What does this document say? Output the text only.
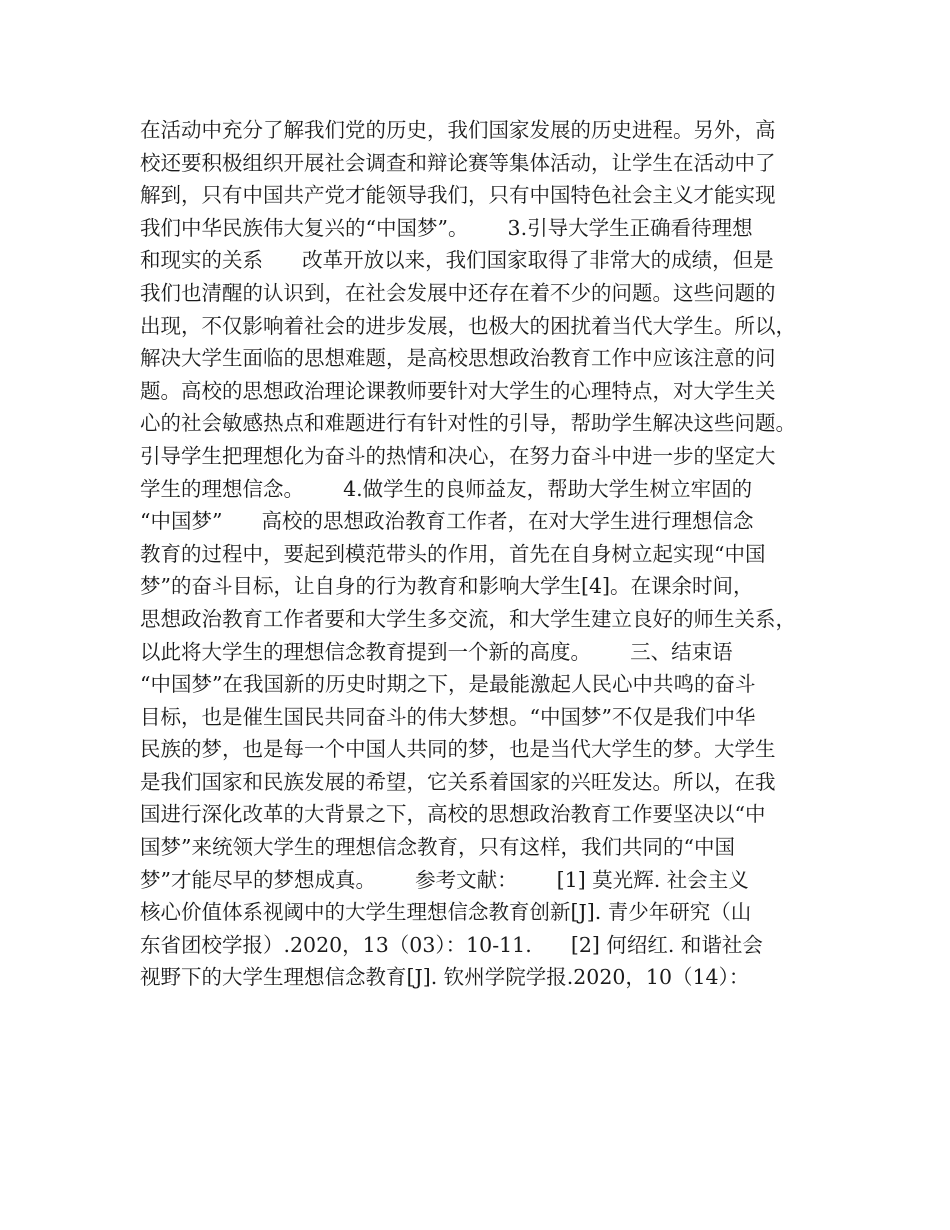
在活动中充分了解我们党的历史，我们国家发展的历史进程。另外，高
校还要积极组织开展社会调查和辩论赛等集体活动，让学生在活动中了
解到，只有中国共产党才能领导我们，只有中国特色社会主义才能实现
我们中华民族伟大复兴的“中国梦”。      3.引导大学生正确看待理想
和现实的关系      改革开放以来，我们国家取得了非常大的成绩，但是
我们也清醒的认识到，在社会发展中还存在着不少的问题。这些问题的
出现，不仅影响着社会的进步发展，也极大的困扰着当代大学生。所以，
解决大学生面临的思想难题，是高校思想政治教育工作中应该注意的问
题。高校的思想政治理论课教师要针对大学生的心理特点，对大学生关
心的社会敏感热点和难题进行有针对性的引导，帮助学生解决这些问题。
引导学生把理想化为奋斗的热情和决心，在努力奋斗中进一步的坚定大
学生的理想信念。      4.做学生的良师益友，帮助大学生树立牢固的
“中国梦”      高校的思想政治教育工作者，在对大学生进行理想信念
教育的过程中，要起到模范带头的作用，首先在自身树立起实现“中国
梦”的奋斗目标，让自身的行为教育和影响大学生[4]。在课余时间，
思想政治教育工作者要和大学生多交流，和大学生建立良好的师生关系，
以此将大学生的理想信念教育提到一个新的高度。      三、结束语
“中国梦”在我国新的历史时期之下，是最能激起人民心中共鸣的奋斗
目标，也是催生国民共同奋斗的伟大梦想。“中国梦”不仅是我们中华
民族的梦，也是每一个中国人共同的梦，也是当代大学生的梦。大学生
是我们国家和民族发展的希望，它关系着国家的兴旺发达。所以，在我
国进行深化改革的大背景之下，高校的思想政治教育工作要坚决以“中
国梦”来统领大学生的理想信念教育，只有这样，我们共同的“中国
梦”才能尽早的梦想成真。      参考文献：      [1] 莫光辉. 社会主义
核心价值体系视阈中的大学生理想信念教育创新[J]. 青少年研究（山
东省团校学报）.2020，13（03）：10-11.      [2] 何绍红. 和谐社会
视野下的大学生理想信念教育[J]. 钦州学院学报.2020，10（14）：
